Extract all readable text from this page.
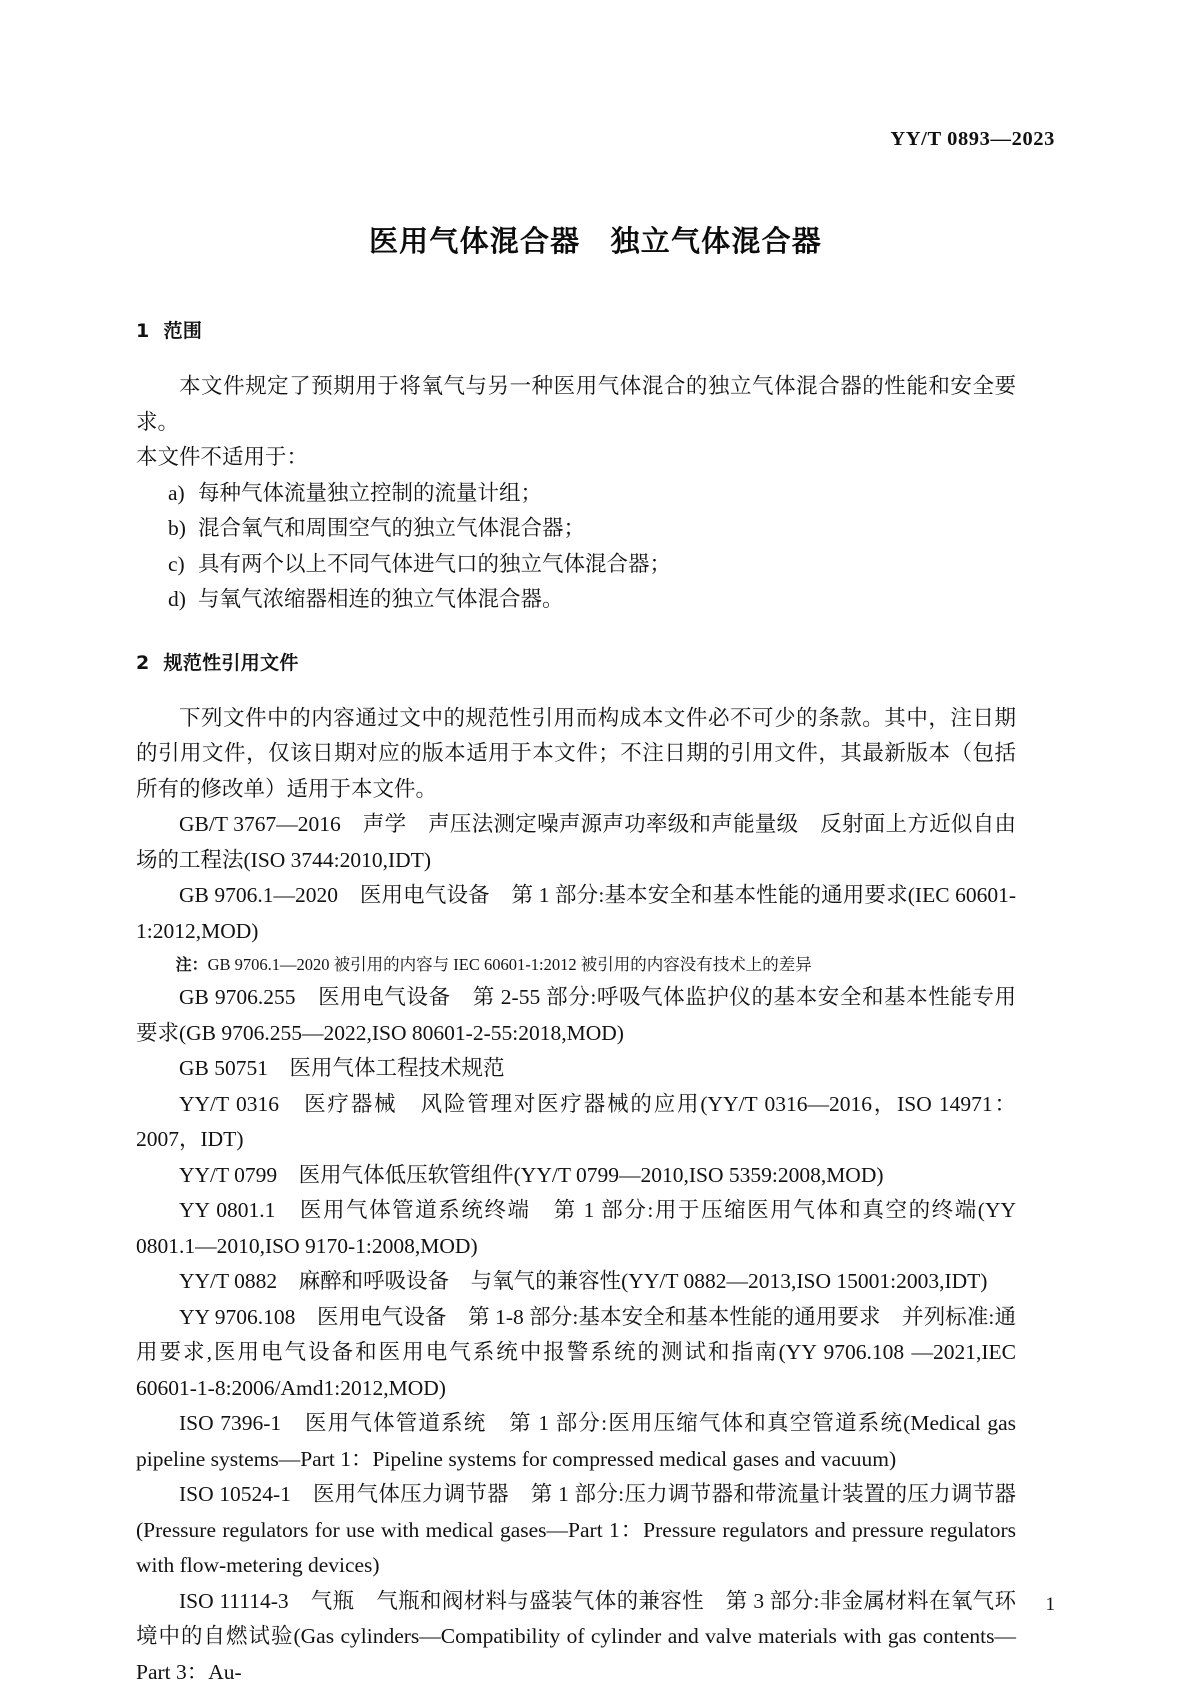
YY/T 0893—2023
医用气体混合器　独立气体混合器
1 范围

本文件规定了预期用于将氧气与另一种医用气体混合的独立气体混合器的性能和安全要求。

本文件不适用于：

a) 每种气体流量独立控制的流量计组；
b) 混合氧气和周围空气的独立气体混合器；
c) 具有两个以上不同气体进气口的独立气体混合器；
d) 与氧气浓缩器相连的独立气体混合器。
2 规范性引用文件

下列文件中的内容通过文中的规范性引用而构成本文件必不可少的条款。其中，注日期的引用文件，仅该日期对应的版本适用于本文件；不注日期的引用文件，其最新版本（包括所有的修改单）适用于本文件。

GB/T 3767—2016　声学　声压法测定噪声源声功率级和声能量级　反射面上方近似自由场的工程法(ISO 3744:2010,IDT)

GB 9706.1—2020　医用电气设备　第 1 部分:基本安全和基本性能的通用要求(IEC 60601-1:2012,MOD)

注：GB 9706.1—2020 被引用的内容与 IEC 60601-1:2012 被引用的内容没有技术上的差异

GB 9706.255　医用电气设备　第 2-55 部分:呼吸气体监护仪的基本安全和基本性能专用要求(GB 9706.255—2022,ISO 80601-2-55:2018,MOD)

GB 50751　医用气体工程技术规范

YY/T 0316　医疗器械　风险管理对医疗器械的应用(YY/T 0316—2016，ISO 14971：2007，IDT)

YY/T 0799　医用气体低压软管组件(YY/T 0799—2010,ISO 5359:2008,MOD)

YY 0801.1　医用气体管道系统终端　第 1 部分:用于压缩医用气体和真空的终端(YY 0801.1—2010,ISO 9170-1:2008,MOD)

YY/T 0882　麻醉和呼吸设备　与氧气的兼容性(YY/T 0882—2013,ISO 15001:2003,IDT)

YY 9706.108　医用电气设备　第 1-8 部分:基本安全和基本性能的通用要求　并列标准:通用要求,医用电气设备和医用电气系统中报警系统的测试和指南(YY 9706.108 —2021,IEC 60601-1-8:2006/Amd1:2012,MOD)

ISO 7396-1　医用气体管道系统　第 1 部分:医用压缩气体和真空管道系统(Medical gas pipeline systems—Part 1：Pipeline systems for compressed medical gases and vacuum)

ISO 10524-1　医用气体压力调节器　第 1 部分:压力调节器和带流量计装置的压力调节器(Pressure regulators for use with medical gases—Part 1：Pressure regulators and pressure regulators with flow-metering devices)

ISO 11114-3　气瓶　气瓶和阀材料与盛装气体的兼容性　第 3 部分:非金属材料在氧气环境中的自燃试验(Gas cylinders—Compatibility of cylinder and valve materials with gas contents—Part 3：Au-

1
